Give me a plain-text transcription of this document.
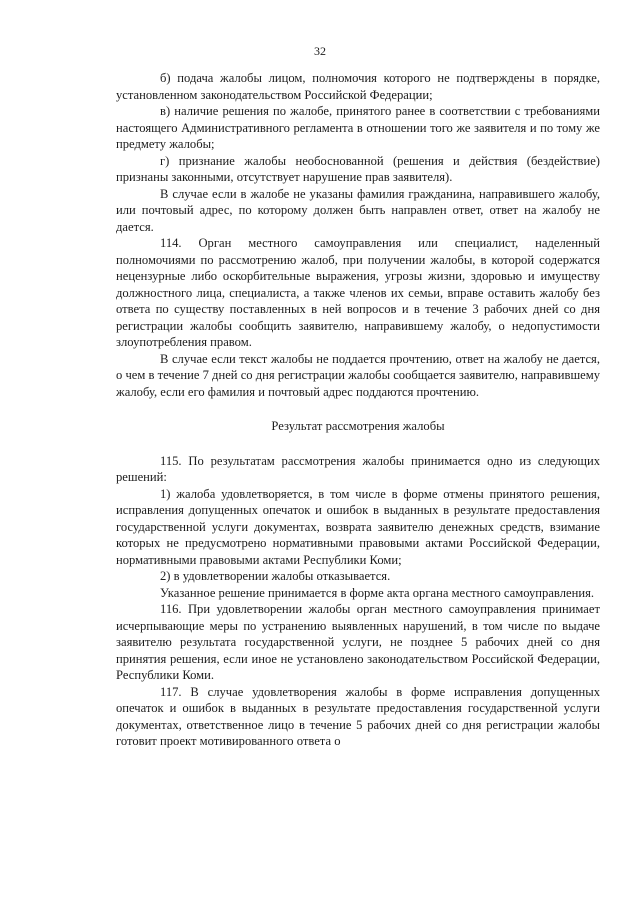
32

б) подача жалобы лицом, полномочия которого не подтверждены в порядке, установленном законодательством Российской Федерации;

в) наличие решения по жалобе, принятого ранее в соответствии с требованиями настоящего Административного регламента в отношении того же заявителя и по тому же предмету жалобы;

г) признание жалобы необоснованной (решения и действия (бездействие) признаны законными, отсутствует нарушение прав заявителя).

В случае если в жалобе не указаны фамилия гражданина, направившего жалобу, или почтовый адрес, по которому должен быть направлен ответ, ответ на жалобу не дается.

114. Орган местного самоуправления или специалист, наделенный полномочиями по рассмотрению жалоб, при получении жалобы, в которой содержатся нецензурные либо оскорбительные выражения, угрозы жизни, здоровью и имуществу должностного лица, специалиста, а также членов их семьи, вправе оставить жалобу без ответа по существу поставленных в ней вопросов и в течение 3 рабочих дней со дня регистрации жалобы сообщить заявителю, направившему жалобу, о недопустимости злоупотребления правом.

В случае если текст жалобы не поддается прочтению, ответ на жалобу не дается, о чем в течение 7 дней со дня регистрации жалобы сообщается заявителю, направившему жалобу, если его фамилия и почтовый адрес поддаются прочтению.

Результат рассмотрения жалобы

115. По результатам рассмотрения жалобы принимается одно из следующих решений:

1) жалоба удовлетворяется, в том числе в форме отмены принятого решения, исправления допущенных опечаток и ошибок в выданных в результате предоставления государственной услуги документах, возврата заявителю денежных средств, взимание которых не предусмотрено нормативными правовыми актами Российской Федерации, нормативными правовыми актами Республики Коми;

2) в удовлетворении жалобы отказывается.

Указанное решение принимается в форме акта органа местного самоуправления.

116. При удовлетворении жалобы орган местного самоуправления принимает исчерпывающие меры по устранению выявленных нарушений, в том числе по выдаче заявителю результата государственной услуги, не позднее 5 рабочих дней со дня принятия решения, если иное не установлено законодательством Российской Федерации, Республики Коми.

117. В случае удовлетворения жалобы в форме исправления допущенных опечаток и ошибок в выданных в результате предоставления государственной услуги документах, ответственное лицо в течение 5 рабочих дней со дня регистрации жалобы готовит проект мотивированного ответа о
